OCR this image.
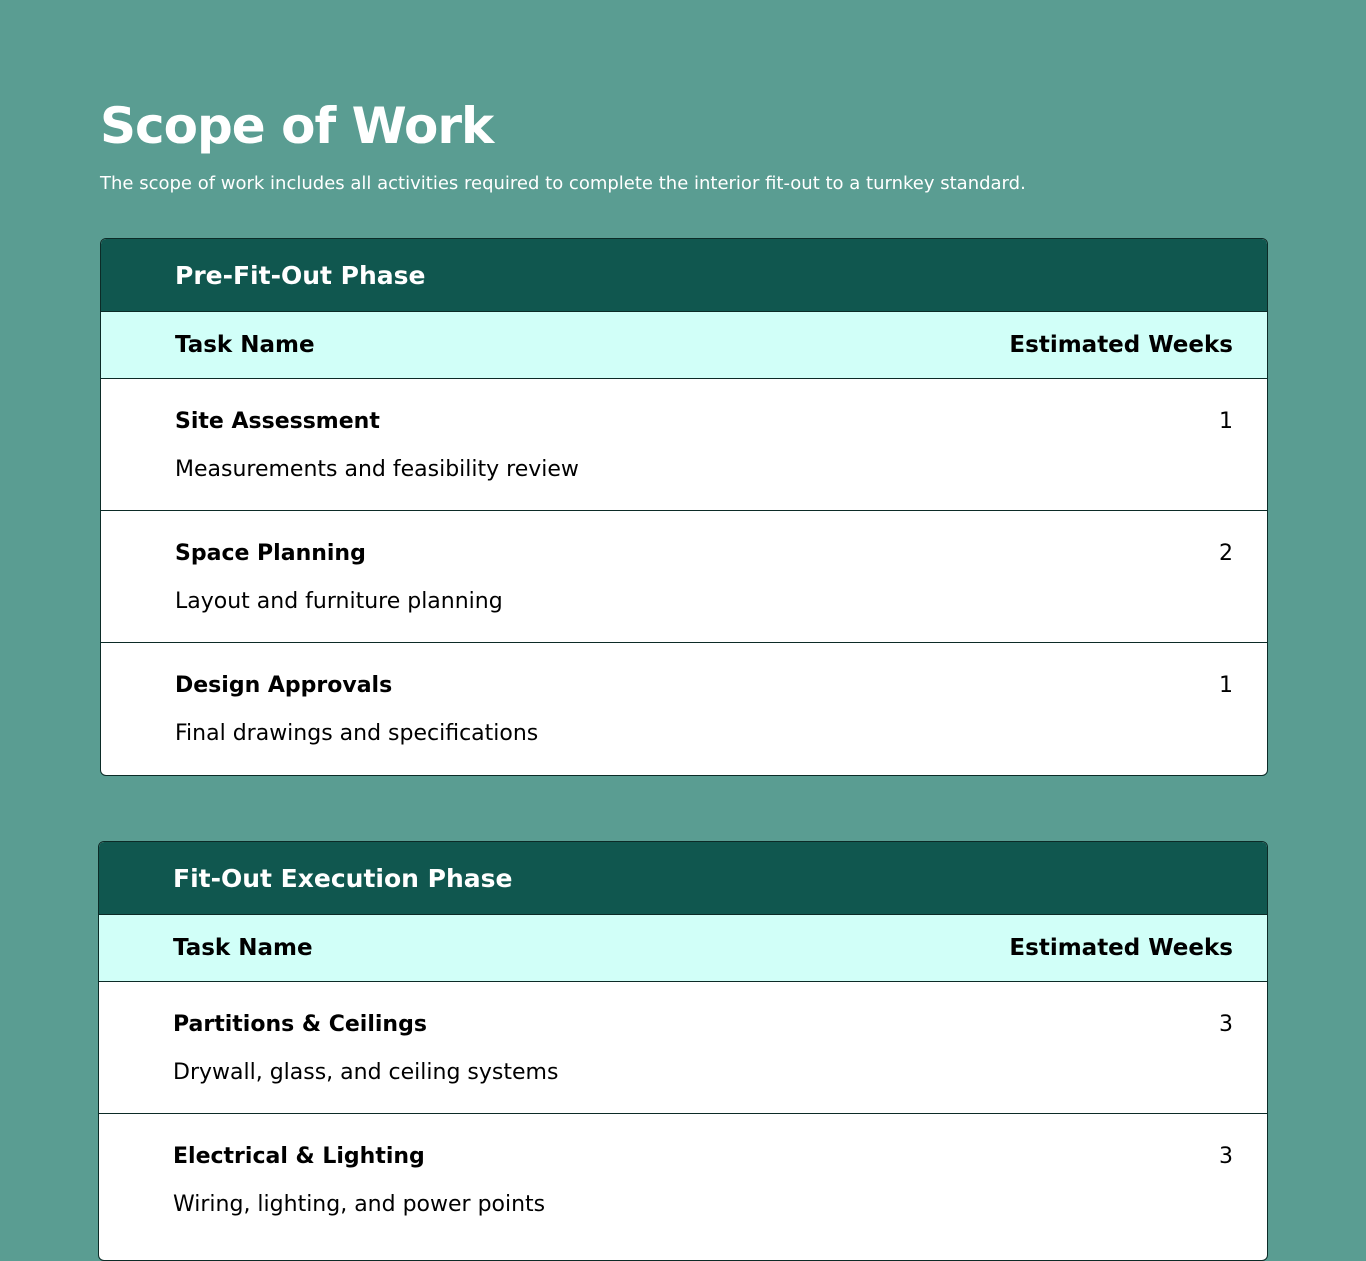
Scope of Work

The scope of work includes all activities required to complete the interior fit-out to a turnkey standard.

Pre-Fit-Out Phase
Task Name	Estimated Weeks
Site Assessment	1
Measurements and feasibility review
Space Planning	2
Layout and furniture planning
Design Approvals	1
Final drawings and specifications
Fit-Out Execution Phase
Task Name	Estimated Weeks
Partitions & Ceilings	3
Drywall, glass, and ceiling systems
Electrical & Lighting	3
Wiring, lighting, and power points
